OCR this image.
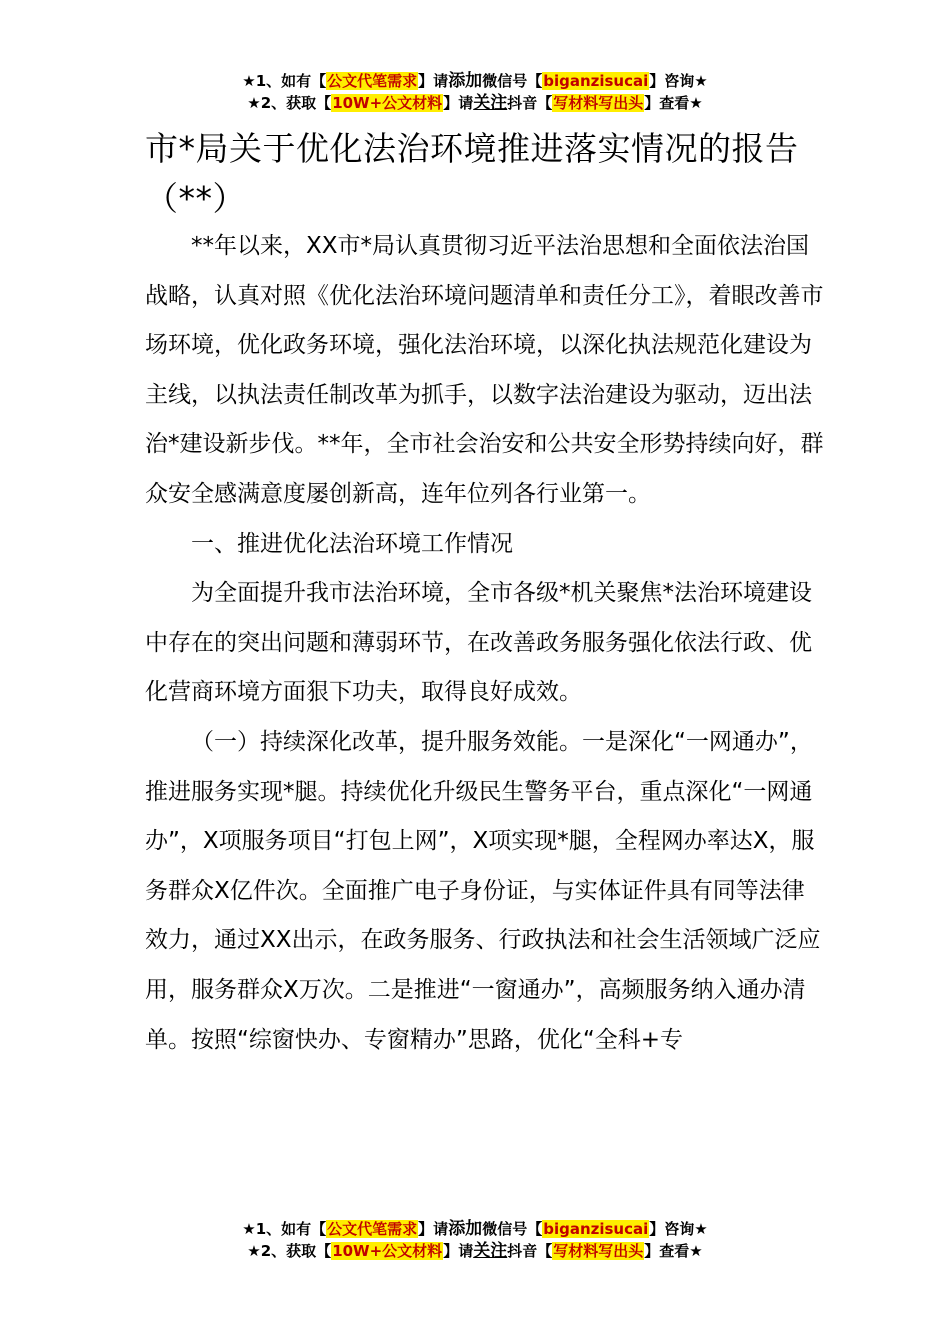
★1、如有【公文代笔需求】请添加微信号【biganzisucai】咨询★
★2、获取【10W+公文材料】请关注抖音【写材料写出头】查看★
市*局关于优化法治环境推进落实情况的报告（**）

**年以来，XX市*局认真贯彻习近平法治思想和全面依法治国战略，认真对照《优化法治环境问题清单和责任分工》，着眼改善市场环境，优化政务环境，强化法治环境，以深化执法规范化建设为主线，以执法责任制改革为抓手，以数字法治建设为驱动，迈出法治*建设新步伐。**年，全市社会治安和公共安全形势持续向好，群众安全感满意度屡创新高，连年位列各行业第一。

一、推进优化法治环境工作情况

为全面提升我市法治环境，全市各级*机关聚焦*法治环境建设中存在的突出问题和薄弱环节，在改善政务服务强化依法行政、优化营商环境方面狠下功夫，取得良好成效。

（一）持续深化改革，提升服务效能。一是深化“一网通办”，推进服务实现*腿。持续优化升级民生警务平台，重点深化“一网通办”，X项服务项目“打包上网”，X项实现*腿，全程网办率达X，服务群众X亿件次。全面推广电子身份证，与实体证件具有同等法律效力，通过XX出示，在政务服务、行政执法和社会生活领域广泛应用，服务群众X万次。二是推进“一窗通办”，高频服务纳入通办清单。按照“综窗快办、专窗精办”思路，优化“全科+专

★1、如有【公文代笔需求】请添加微信号【biganzisucai】咨询★
★2、获取【10W+公文材料】请关注抖音【写材料写出头】查看★
